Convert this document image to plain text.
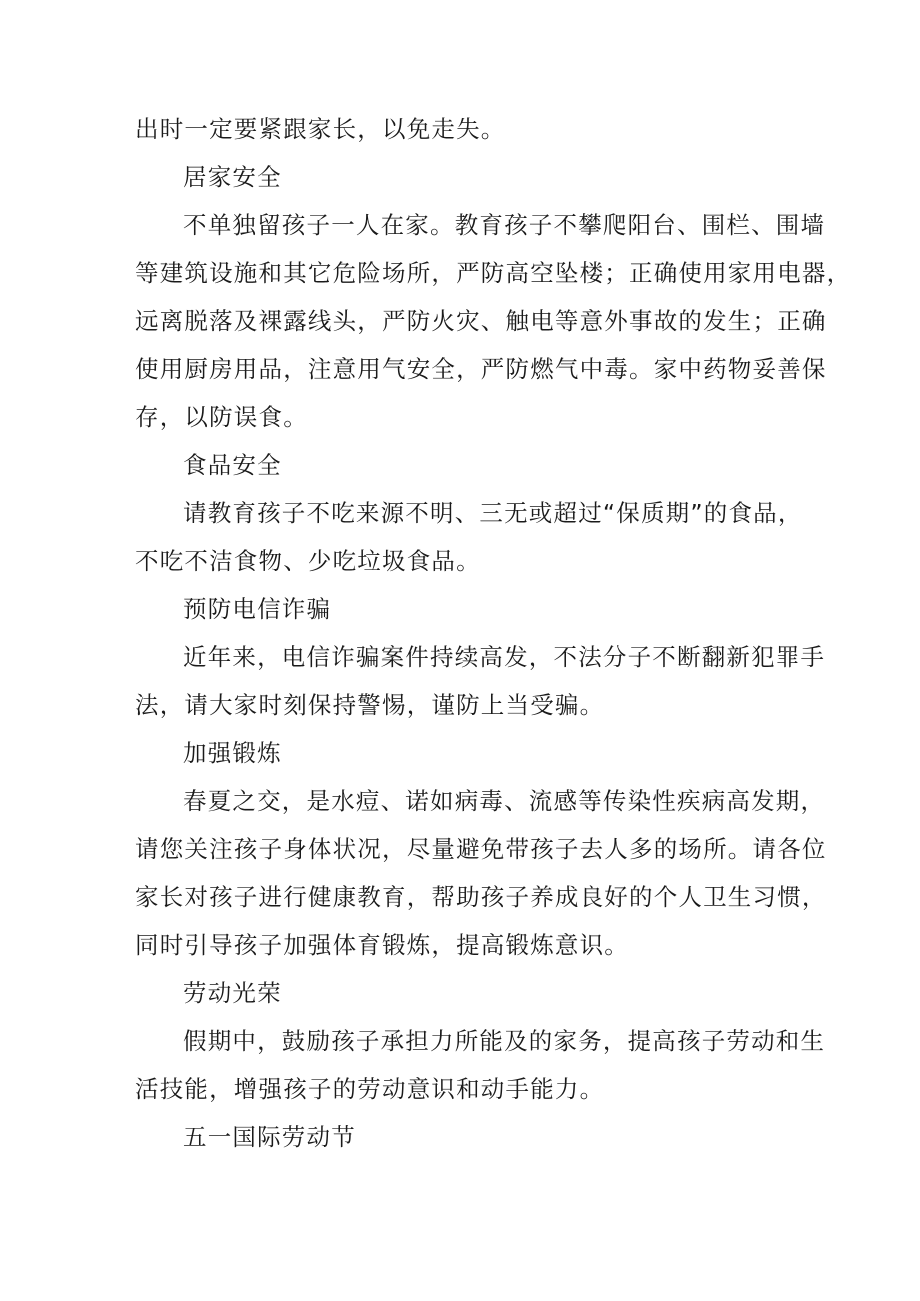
出时一定要紧跟家长，以免走失。
居家安全
不单独留孩子一人在家。教育孩子不攀爬阳台、围栏、围墙
等建筑设施和其它危险场所，严防高空坠楼；正确使用家用电器，
远离脱落及裸露线头，严防火灾、触电等意外事故的发生；正确
使用厨房用品，注意用气安全，严防燃气中毒。家中药物妥善保
存，以防误食。
食品安全
请教育孩子不吃来源不明、三无或超过“保质期”的食品，
不吃不洁食物、少吃垃圾食品。
预防电信诈骗
近年来，电信诈骗案件持续高发，不法分子不断翻新犯罪手
法，请大家时刻保持警惕，谨防上当受骗。
加强锻炼
春夏之交，是水痘、诺如病毒、流感等传染性疾病高发期，
请您关注孩子身体状况，尽量避免带孩子去人多的场所。请各位
家长对孩子进行健康教育，帮助孩子养成良好的个人卫生习惯，
同时引导孩子加强体育锻炼，提高锻炼意识。
劳动光荣
假期中，鼓励孩子承担力所能及的家务，提高孩子劳动和生
活技能，增强孩子的劳动意识和动手能力。
五一国际劳动节
